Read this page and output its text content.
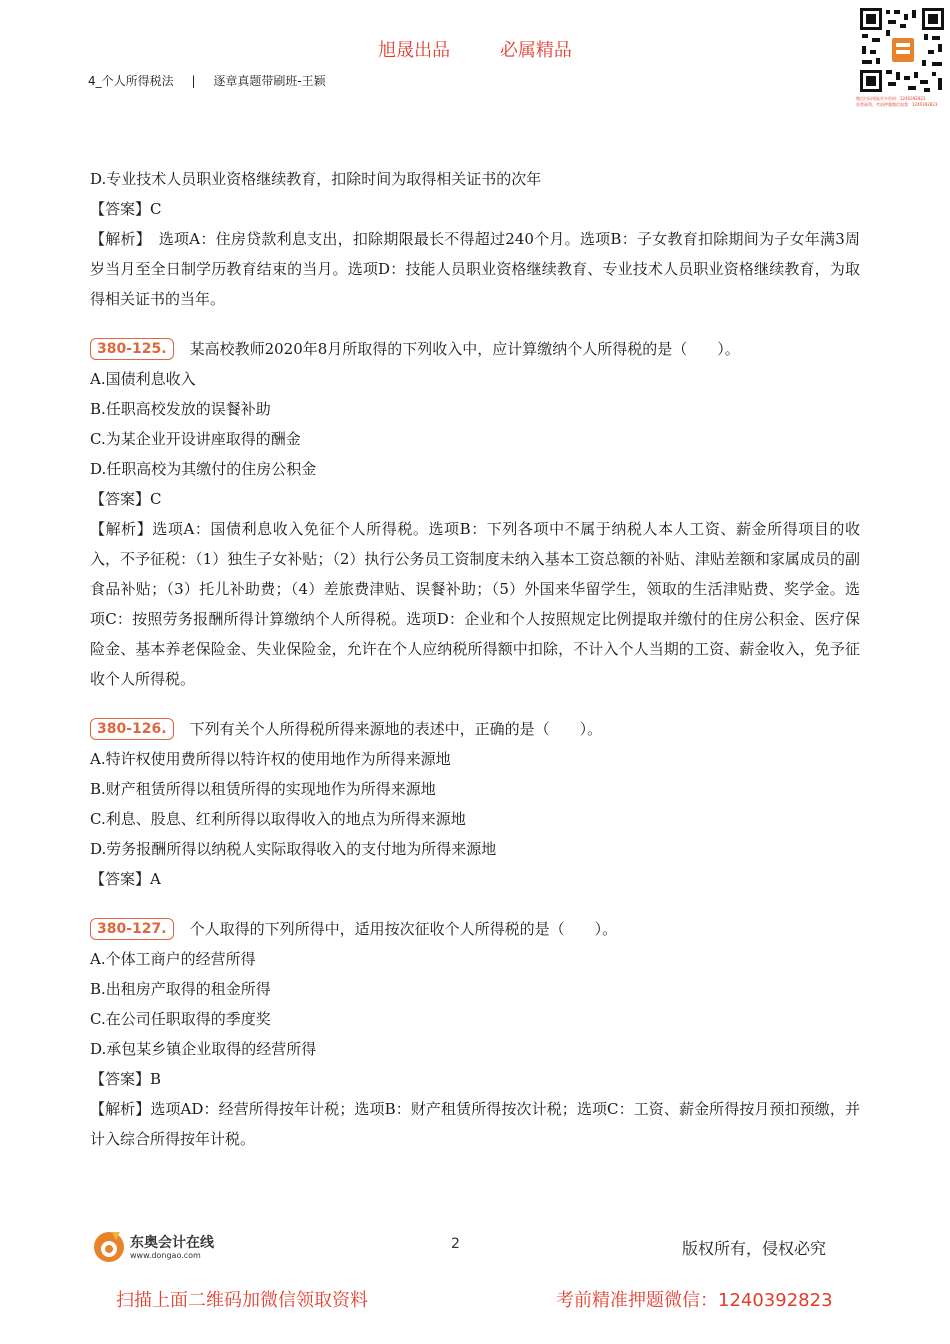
旭晟出品	必属精品
4_个人所得税法 | 逐章真题带刷班-王颖
微信扫码领取更多资料：1240392823
免费福利，考前押题微信加我：1240392823
D.专业技术人员职业资格继续教育，扣除时间为取得相关证书的次年
【答案】C
【解析】　选项A：住房贷款利息支出，扣除期限最长不得超过240个月。选项B：子女教育扣除期间为子女年满3周岁当月至全日制学历教育结束的当月。选项D：技能人员职业资格继续教育、专业技术人员职业资格继续教育，为取得相关证书的当年。
380-125. 某高校教师2020年8月所取得的下列收入中，应计算缴纳个人所得税的是（　　）。
A.国债利息收入
B.任职高校发放的误餐补助
C.为某企业开设讲座取得的酬金
D.任职高校为其缴付的住房公积金
【答案】C
【解析】选项A：国债利息收入免征个人所得税。选项B：下列各项中不属于纳税人本人工资、薪金所得项目的收入，不予征税：（1）独生子女补贴；（2）执行公务员工资制度未纳入基本工资总额的补贴、津贴差额和家属成员的副食品补贴；（3）托儿补助费；（4）差旅费津贴、误餐补助；（5）外国来华留学生，领取的生活津贴费、奖学金。选项C：按照劳务报酬所得计算缴纳个人所得税。选项D：企业和个人按照规定比例提取并缴付的住房公积金、医疗保险金、基本养老保险金、失业保险金，允许在个人应纳税所得额中扣除，不计入个人当期的工资、薪金收入，免予征收个人所得税。
380-126. 下列有关个人所得税所得来源地的表述中，正确的是（　　）。
A.特许权使用费所得以特许权的使用地作为所得来源地
B.财产租赁所得以租赁所得的实现地作为所得来源地
C.利息、股息、红利所得以取得收入的地点为所得来源地
D.劳务报酬所得以纳税人实际取得收入的支付地为所得来源地
【答案】A
380-127. 个人取得的下列所得中，适用按次征收个人所得税的是（　　）。
A.个体工商户的经营所得
B.出租房产取得的租金所得
C.在公司任职取得的季度奖
D.承包某乡镇企业取得的经营所得
【答案】B
【解析】选项AD：经营所得按年计税；选项B：财产租赁所得按次计税；选项C：工资、薪金所得按月预扣预缴，并计入综合所得按年计税。
东奥会计在线
www.dongao.com
2	版权所有，侵权必究
扫描上面二维码加微信领取资料	考前精准押题微信：1240392823
